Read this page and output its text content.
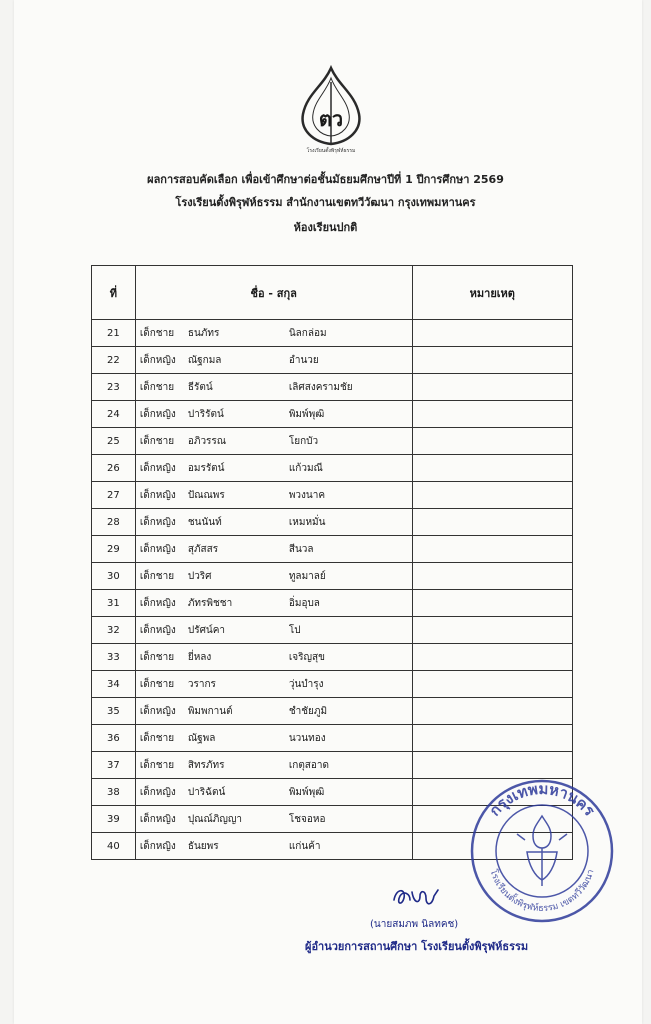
ตว
โรงเรียนตั้งพิรุฬห์ธรรม
ผลการสอบคัดเลือก เพื่อเข้าศึกษาต่อชั้นมัธยมศึกษาปีที่ 1 ปีการศึกษา 2569
โรงเรียนตั้งพิรุฬห์ธรรม สำนักงานเขตทวีวัฒนา กรุงเทพมหานคร
ห้องเรียนปกติ
ที่	ชื่อ - สกุล	หมายเหตุ
21	เด็กชาย ธนภัทร นิลกล่อม	

22	เด็กหญิง ณัฐกมล อำนวย	

23	เด็กชาย ธีรัตน์ เลิศสงครามชัย	

24	เด็กหญิง ปาริรัตน์ พิมพ์พุฒิ	

25	เด็กชาย อภิวรรณ โยกบัว	

26	เด็กหญิง อมรรัตน์ แก้วมณี	

27	เด็กหญิง ปัณณพร พวงนาค	

28	เด็กหญิง ชนนันท์ เหมหมั่น	

29	เด็กหญิง สุภัสสร สีนวล	

30	เด็กชาย ปวริศ ทูลมาลย์	

31	เด็กหญิง ภัทรพิชชา อิ่มอุบล	

32	เด็กหญิง ปรัศน์คา โป	

33	เด็กชาย ยี่หลง เจริญสุข	

34	เด็กชาย วรากร วุ่นบำรุง	

35	เด็กหญิง พิมพกานต์ ชำชัยภูมิ	

36	เด็กชาย ณัฐพล นวนทอง	

37	เด็กชาย สิทรภัทร เกตุสอาด	

38	เด็กหญิง ปาริฉัตน์ พิมพ์พุฒิ	

39	เด็กหญิง ปุณณ์ภิญญา โชจอหอ	

40	เด็กหญิง ธันยพร แก่นค้า	

กรุงเทพมหานคร
โรงเรียนตั้งพิรุฬห์ธรรม เขตทวีวัฒนา
(นายสมภพ นิลทคช)
ผู้อำนวยการสถานศึกษา โรงเรียนตั้งพิรุฬห์ธรรม
